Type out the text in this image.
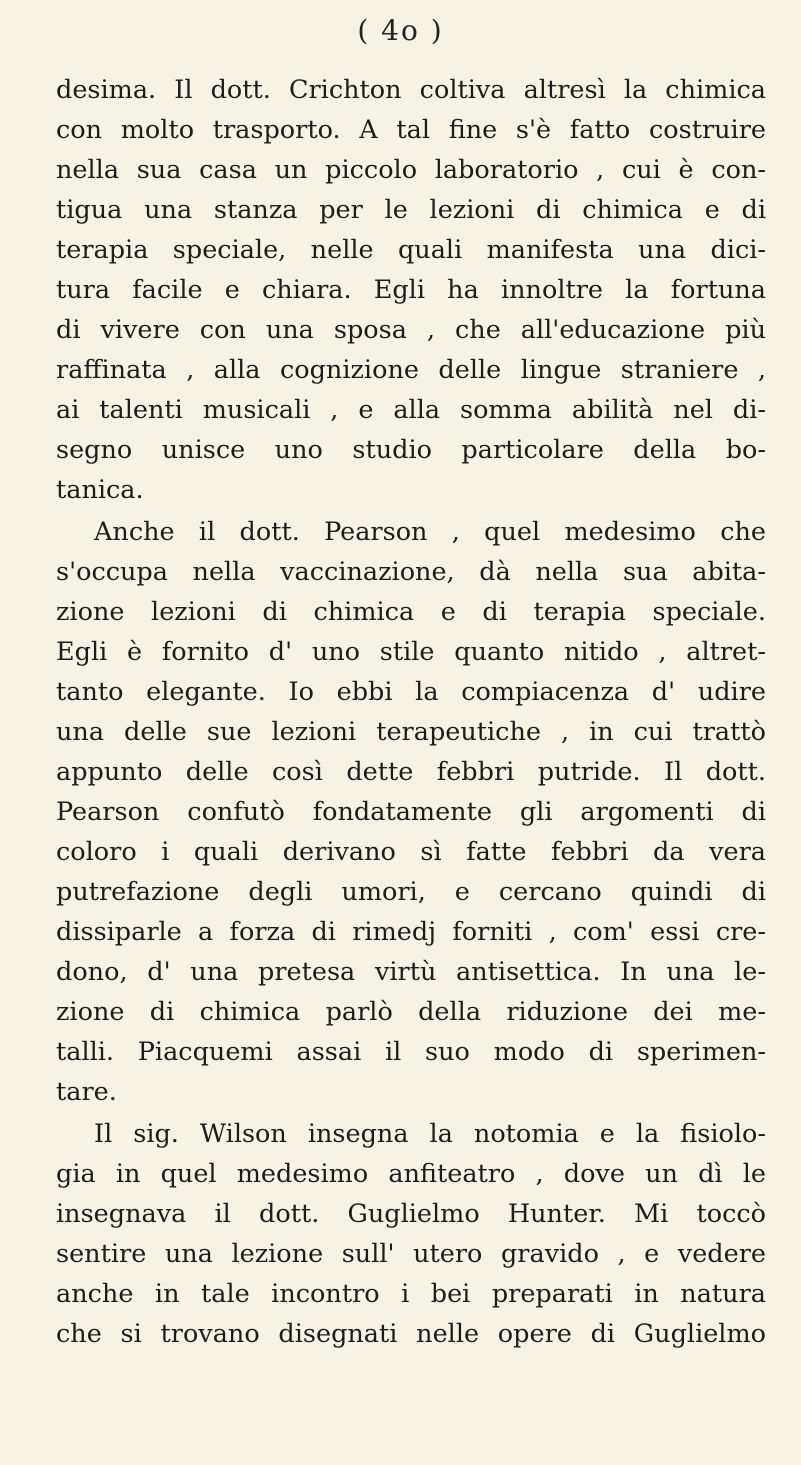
( 4o )
desima. Il dott. Crichton coltiva altresì la chimica
con molto trasporto. A tal fine s'è fatto costruire
nella sua casa un piccolo laboratorio , cui è con-
tigua una stanza per le lezioni di chimica e di
terapia speciale, nelle quali manifesta una dici-
tura facile e chiara. Egli ha innoltre la fortuna
di vivere con una sposa , che all'educazione più
raffinata , alla cognizione delle lingue straniere ,
ai talenti musicali , e alla somma abilità nel di-
segno unisce uno studio particolare della bo-
tanica.
Anche il dott. Pearson , quel medesimo che
s'occupa nella vaccinazione, dà nella sua abita-
zione lezioni di chimica e di terapia speciale.
Egli è fornito d' uno stile quanto nitido , altret-
tanto elegante. Io ebbi la compiacenza d' udire
una delle sue lezioni terapeutiche , in cui trattò
appunto delle così dette febbri putride. Il dott.
Pearson confutò fondatamente gli argomenti di
coloro i quali derivano sì fatte febbri da vera
putrefazione degli umori, e cercano quindi di
dissiparle a forza di rimedj forniti , com' essi cre-
dono, d' una pretesa virtù antisettica. In una le-
zione di chimica parlò della riduzione dei me-
talli. Piacquemi assai il suo modo di sperimen-
tare.
Il sig. Wilson insegna la notomia e la fisiolo-
gia in quel medesimo anfiteatro , dove un dì le
insegnava il dott. Guglielmo Hunter. Mi toccò
sentire una lezione sull' utero gravido , e vedere
anche in tale incontro i bei preparati in natura
che si trovano disegnati nelle opere di Guglielmo
